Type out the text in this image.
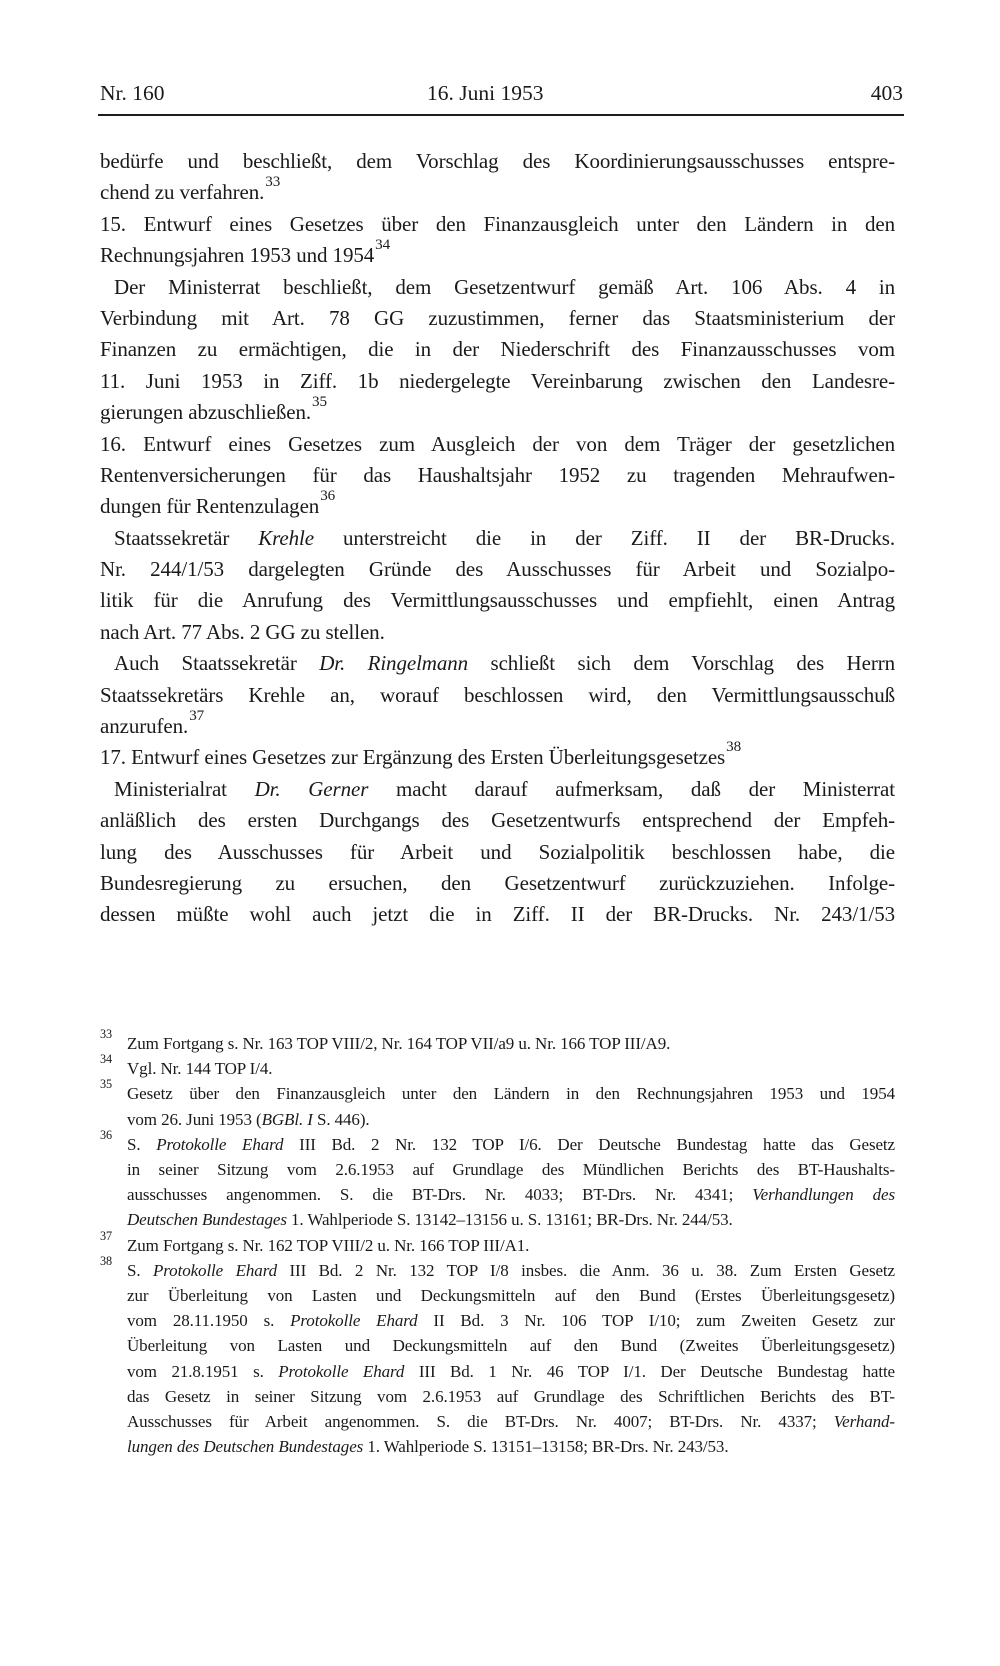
Nr. 160	16. Juni 1953	403
bedürfe und beschließt, dem Vorschlag des Koordinierungsausschusses entspre-
chend zu verfahren.$^{33}$
15. Entwurf eines Gesetzes über den Finanzausgleich unter den Ländern in den
Rechnungsjahren 1953 und 1954$^{34}$
Der Ministerrat beschließt, dem Gesetzentwurf gemäß Art. 106 Abs. 4 in
Verbindung mit Art. 78 GG zuzustimmen, ferner das Staatsministerium der
Finanzen zu ermächtigen, die in der Niederschrift des Finanzausschusses vom
11. Juni 1953 in Ziff. 1b niedergelegte Vereinbarung zwischen den Landesre-
gierungen abzuschließen.$^{35}$
16. Entwurf eines Gesetzes zum Ausgleich der von dem Träger der gesetzlichen
Rentenversicherungen für das Haushaltsjahr 1952 zu tragenden Mehraufwen-
dungen für Rentenzulagen$^{36}$
Staatssekretär Krehle unterstreicht die in der Ziff. II der BR-Drucks.
Nr. 244/1/53 dargelegten Gründe des Ausschusses für Arbeit und Sozialpo-
litik für die Anrufung des Vermittlungsausschusses und empfiehlt, einen Antrag
nach Art. 77 Abs. 2 GG zu stellen.
Auch Staatssekretär Dr. Ringelmann schließt sich dem Vorschlag des Herrn
Staatssekretärs Krehle an, worauf beschlossen wird, den Vermittlungsausschuß
anzurufen.$^{37}$
17. Entwurf eines Gesetzes zur Ergänzung des Ersten Überleitungsgesetzes$^{38}$
Ministerialrat Dr. Gerner macht darauf aufmerksam, daß der Ministerrat
anläßlich des ersten Durchgangs des Gesetzentwurfs entsprechend der Empfeh-
lung des Ausschusses für Arbeit und Sozialpolitik beschlossen habe, die
Bundesregierung zu ersuchen, den Gesetzentwurf zurückzuziehen. Infolge-
dessen müßte wohl auch jetzt die in Ziff. II der BR-Drucks. Nr. 243/1/53
$^{33}$ Zum Fortgang s. Nr. 163 TOP VIII/2, Nr. 164 TOP VII/a9 u. Nr. 166 TOP III/A9.
$^{34}$ Vgl. Nr. 144 TOP I/4.
$^{35}$ Gesetz über den Finanzausgleich unter den Ländern in den Rechnungsjahren 1953 und 1954
vom 26. Juni 1953 (BGBl. I S. 446).
$^{36}$ S. Protokolle Ehard III Bd. 2 Nr. 132 TOP I/6. Der Deutsche Bundestag hatte das Gesetz
in seiner Sitzung vom 2.6.1953 auf Grundlage des Mündlichen Berichts des BT-Haushalts-
ausschusses angenommen. S. die BT-Drs. Nr. 4033; BT-Drs. Nr. 4341; Verhandlungen des
Deutschen Bundestages 1. Wahlperiode S. 13142–13156 u. S. 13161; BR-Drs. Nr. 244/53.
$^{37}$ Zum Fortgang s. Nr. 162 TOP VIII/2 u. Nr. 166 TOP III/A1.
$^{38}$ S. Protokolle Ehard III Bd. 2 Nr. 132 TOP I/8 insbes. die Anm. 36 u. 38. Zum Ersten Gesetz
zur Überleitung von Lasten und Deckungsmitteln auf den Bund (Erstes Überleitungsgesetz)
vom 28.11.1950 s. Protokolle Ehard II Bd. 3 Nr. 106 TOP I/10; zum Zweiten Gesetz zur
Überleitung von Lasten und Deckungsmitteln auf den Bund (Zweites Überleitungsgesetz)
vom 21.8.1951 s. Protokolle Ehard III Bd. 1 Nr. 46 TOP I/1. Der Deutsche Bundestag hatte
das Gesetz in seiner Sitzung vom 2.6.1953 auf Grundlage des Schriftlichen Berichts des BT-
Ausschusses für Arbeit angenommen. S. die BT-Drs. Nr. 4007; BT-Drs. Nr. 4337; Verhand-
lungen des Deutschen Bundestages 1. Wahlperiode S. 13151–13158; BR-Drs. Nr. 243/53.
